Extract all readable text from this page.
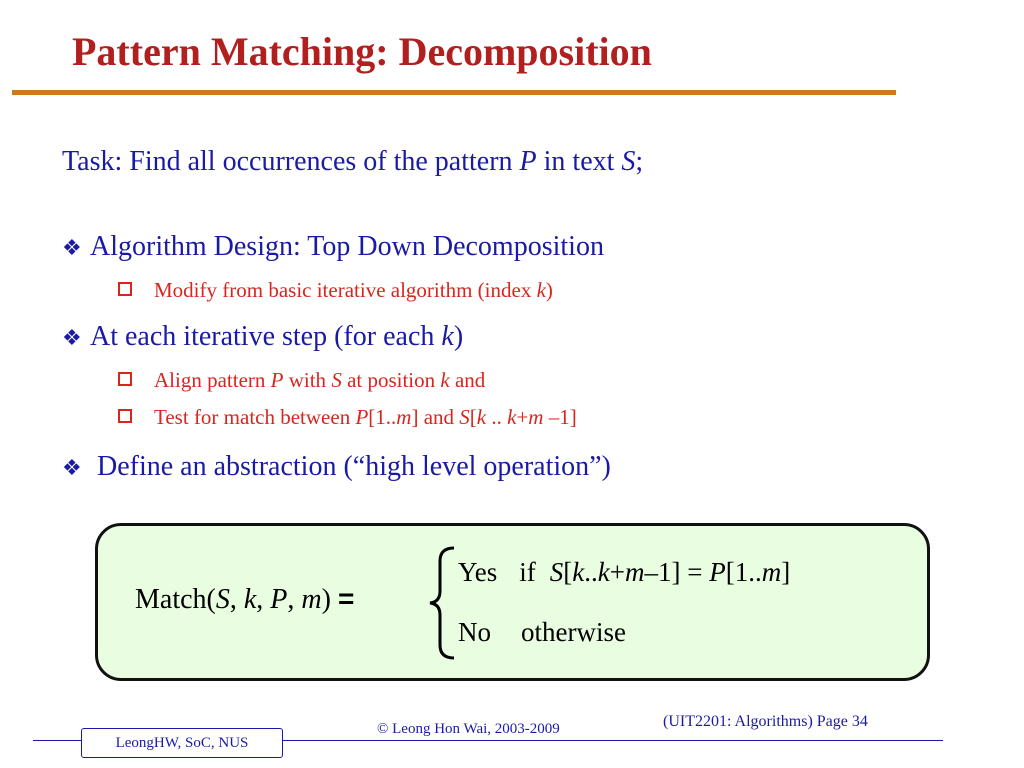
Pattern Matching: Decomposition
Task: Find all occurrences of the pattern P in text S;
❖ Algorithm Design: Top Down Decomposition
Modify from basic iterative algorithm (index k)
❖ At each iterative step (for each k)
Align pattern P with S at position k and
Test for match between P[1..m] and S[k .. k+m –1]
❖ Define an abstraction (“high level operation”)
Match(S, k, P, m) =
Yes if S[k..k+m–1] = P[1..m]
No otherwise
© Leong Hon Wai, 2003-2009	(UIT2201: Algorithms) Page 34
LeongHW, SoC, NUS
